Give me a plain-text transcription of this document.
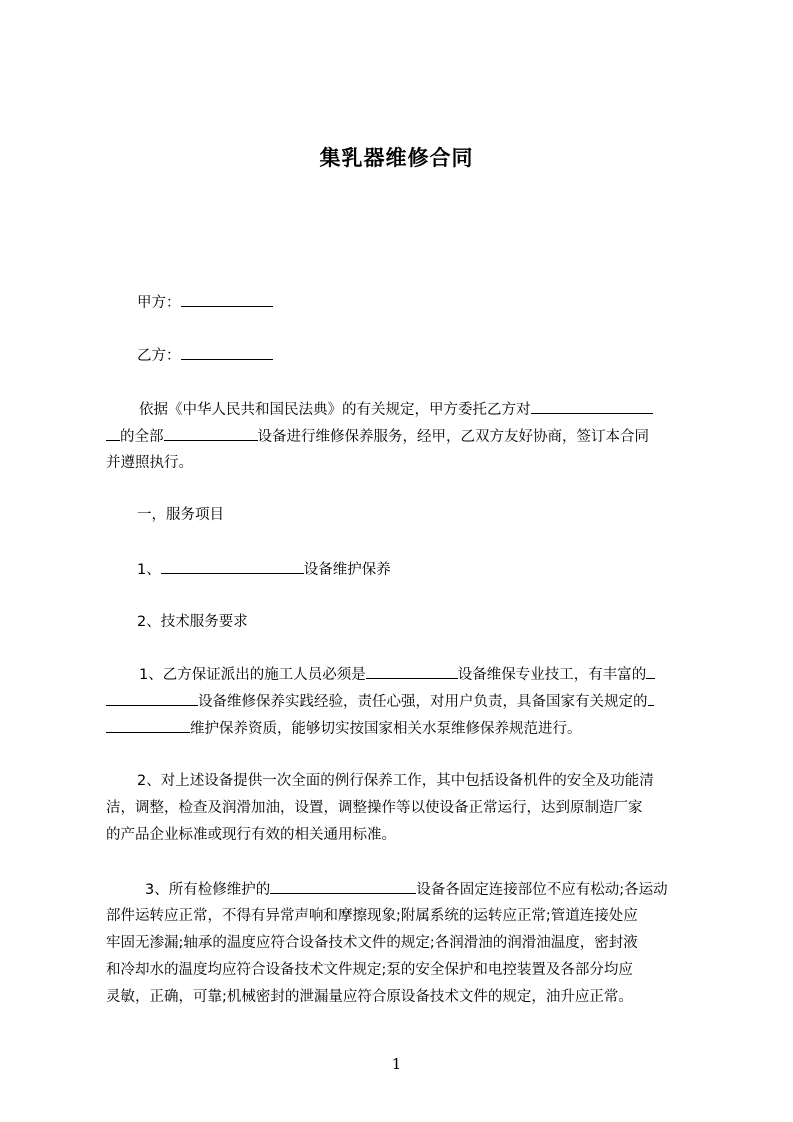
集乳器维修合同
甲方：
乙方：
依据《中华人民共和国民法典》的有关规定，甲方委托乙方对
的全部	设备进行维修保养服务，经甲，乙双方友好协商，签订本合同
并遵照执行。
一，服务项目
1、	设备维护保养
2、技术服务要求
1、乙方保证派出的施工人员必须是	设备维保专业技工，有丰富的
设备维修保养实践经验，责任心强，对用户负责，具备国家有关规定的
维护保养资质，能够切实按国家相关水泵维修保养规范进行。
2、对上述设备提供一次全面的例行保养工作，其中包括设备机件的安全及功能清
洁，调整，检查及润滑加油，设置，调整操作等以使设备正常运行，达到原制造厂家
的产品企业标准或现行有效的相关通用标准。
3、所有检修维护的	设备各固定连接部位不应有松动;各运动
部件运转应正常，不得有异常声响和摩擦现象;附属系统的运转应正常;管道连接处应
牢固无渗漏;轴承的温度应符合设备技术文件的规定;各润滑油的润滑油温度，密封液
和冷却水的温度均应符合设备技术文件规定;泵的安全保护和电控装置及各部分均应
灵敏，正确，可靠;机械密封的泄漏量应符合原设备技术文件的规定，油升应正常。
1
